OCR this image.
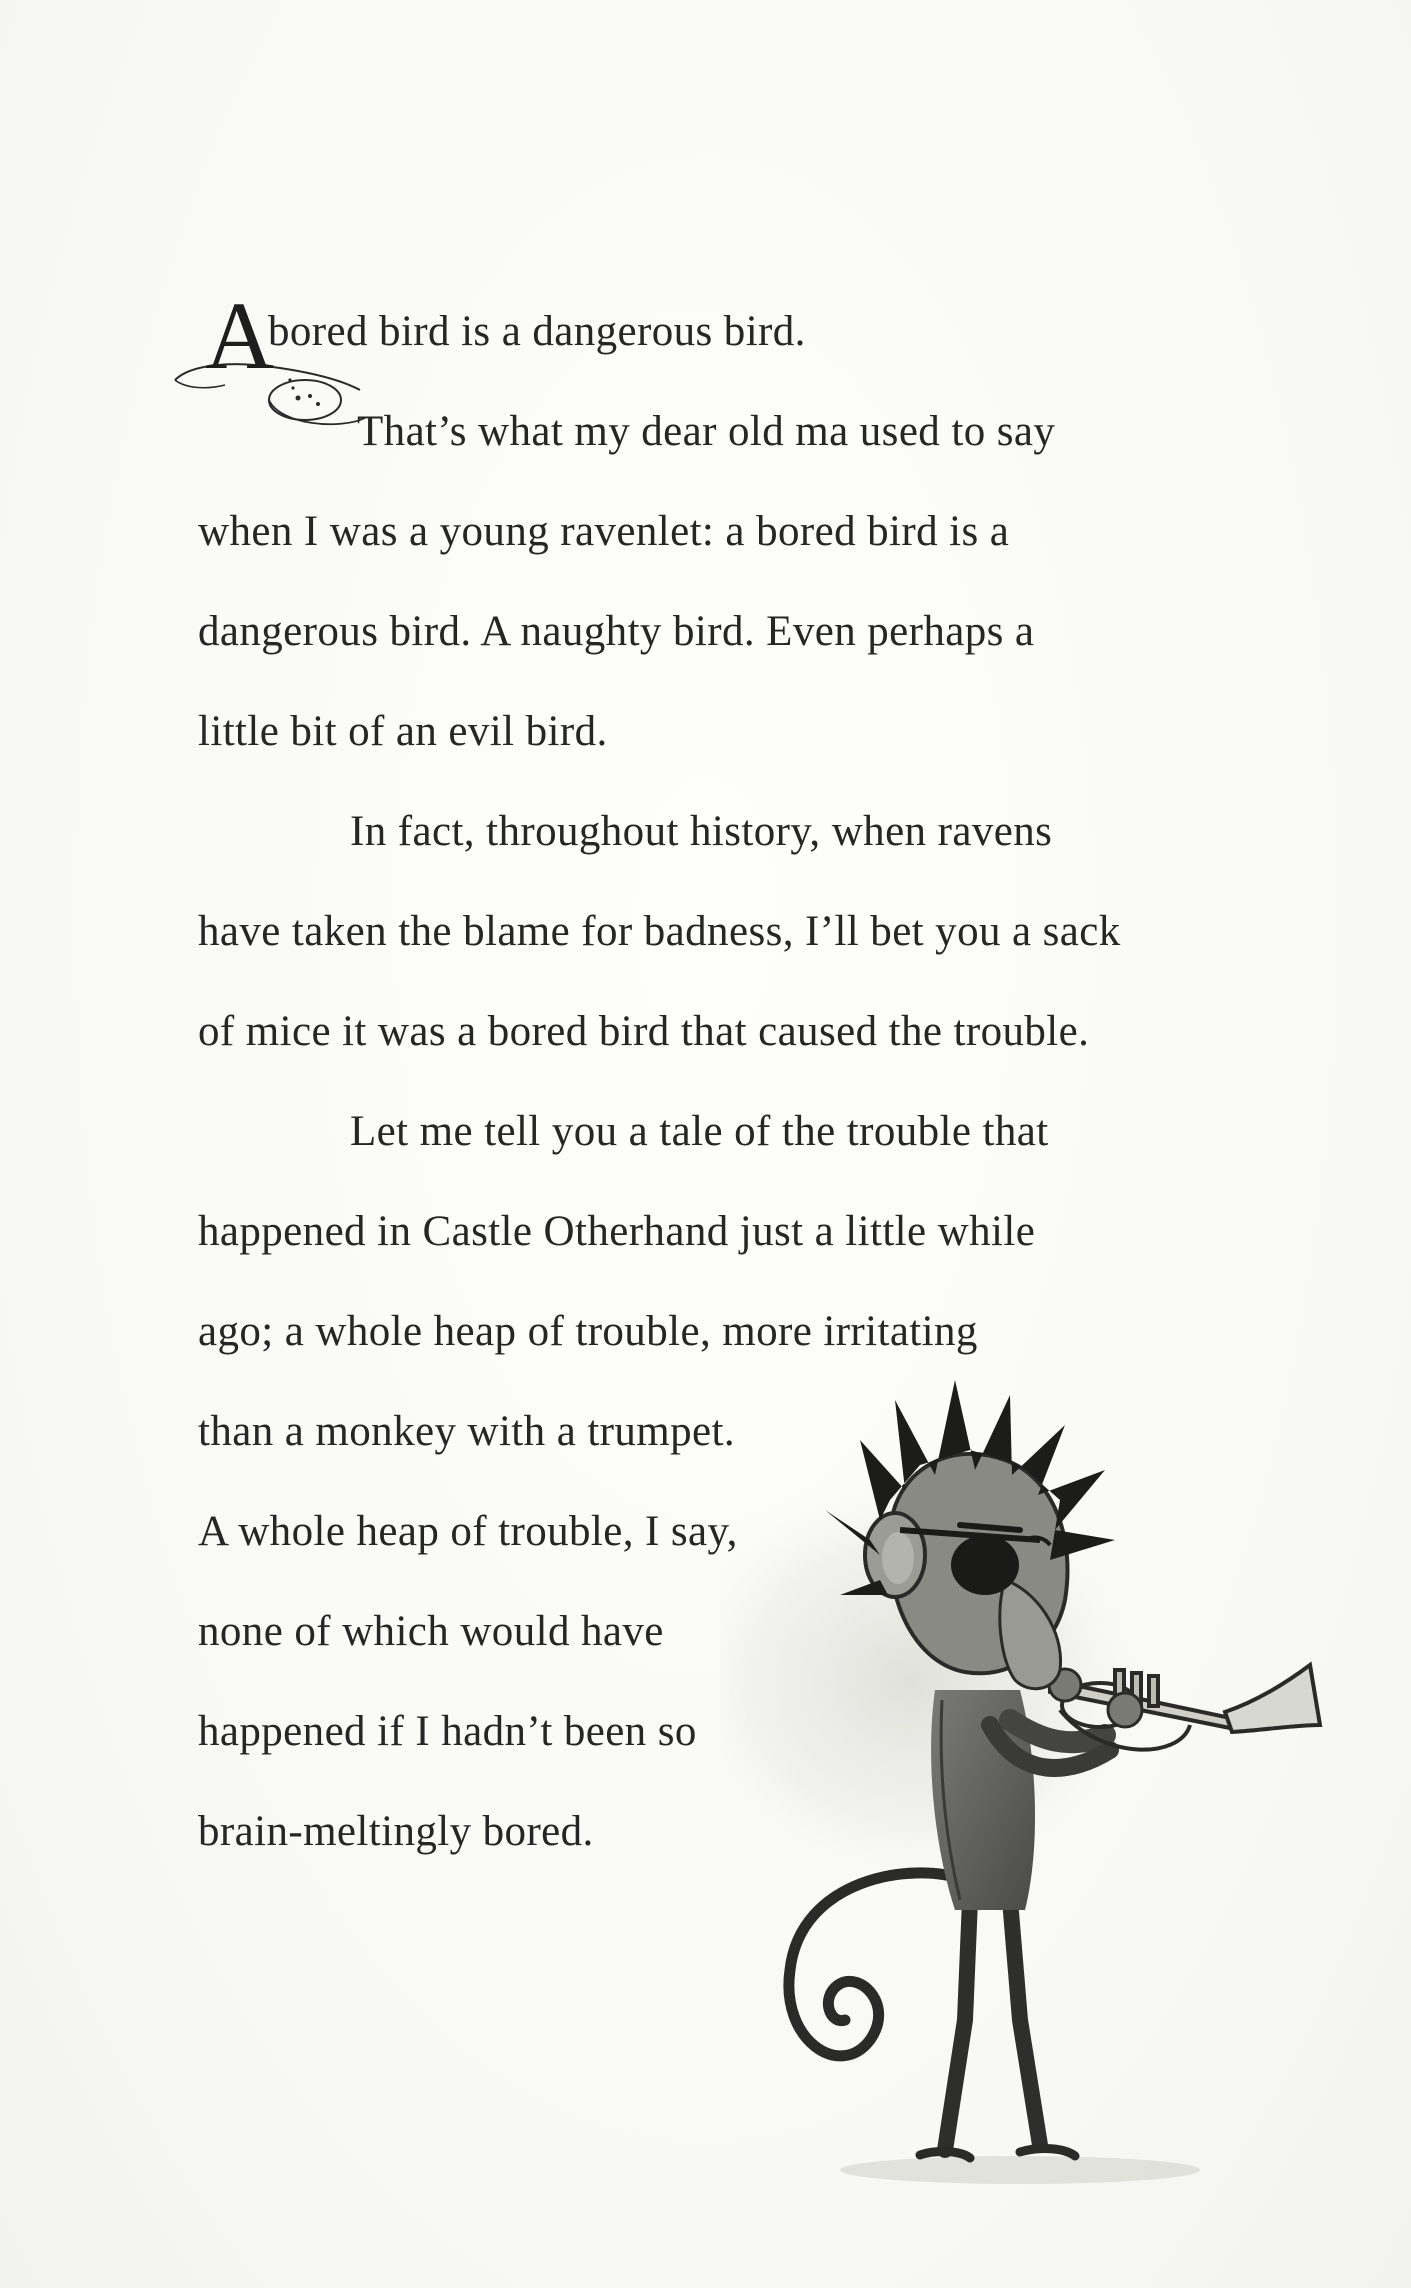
A
bored bird is a dangerous bird.
That’s what my dear old ma used to say
when I was a young ravenlet: a bored bird is a
dangerous bird. A naughty bird. Even perhaps a
little bit of an evil bird.
In fact, throughout history, when ravens
have taken the blame for badness, I’ll bet you a sack
of mice it was a bored bird that caused the trouble.
Let me tell you a tale of the trouble that
happened in Castle Otherhand just a little while
ago; a whole heap of trouble, more irritating
than a monkey with a trumpet.
A whole heap of trouble, I say,
none of which would have
happened if I hadn’t been so
brain-meltingly bored.
